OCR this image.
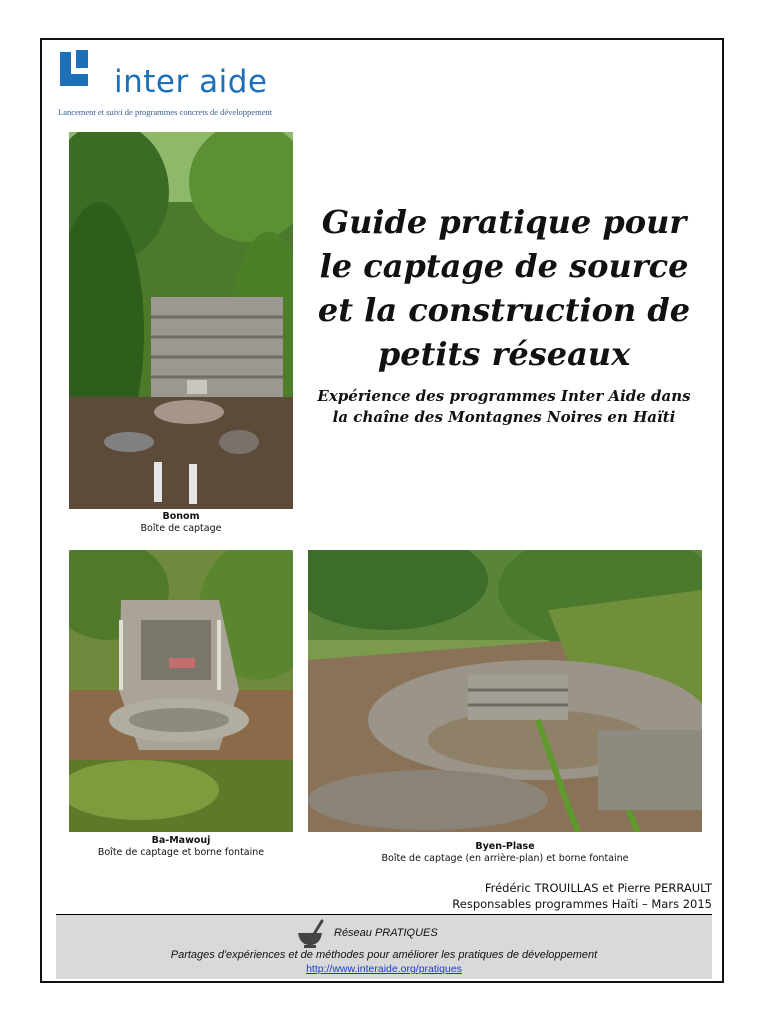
inter aide
Lancement et suivi de programmes concrets de développement
Bonom
Boîte de captage
Guide pratique pour
le captage de source
et la construction de
petits réseaux
Expérience des programmes Inter Aide dans
la chaîne des Montagnes Noires en Haïti
Ba-Mawouj
Boîte de captage et borne fontaine
Byen-Plase
Boîte de captage (en arrière-plan) et borne fontaine
Frédéric TROUILLAS et Pierre PERRAULT
Responsables programmes Haïti – Mars 2015
Réseau PRATIQUES
Partages d'expériences et de méthodes pour améliorer les pratiques de développement
http://www.interaide.org/pratiques
